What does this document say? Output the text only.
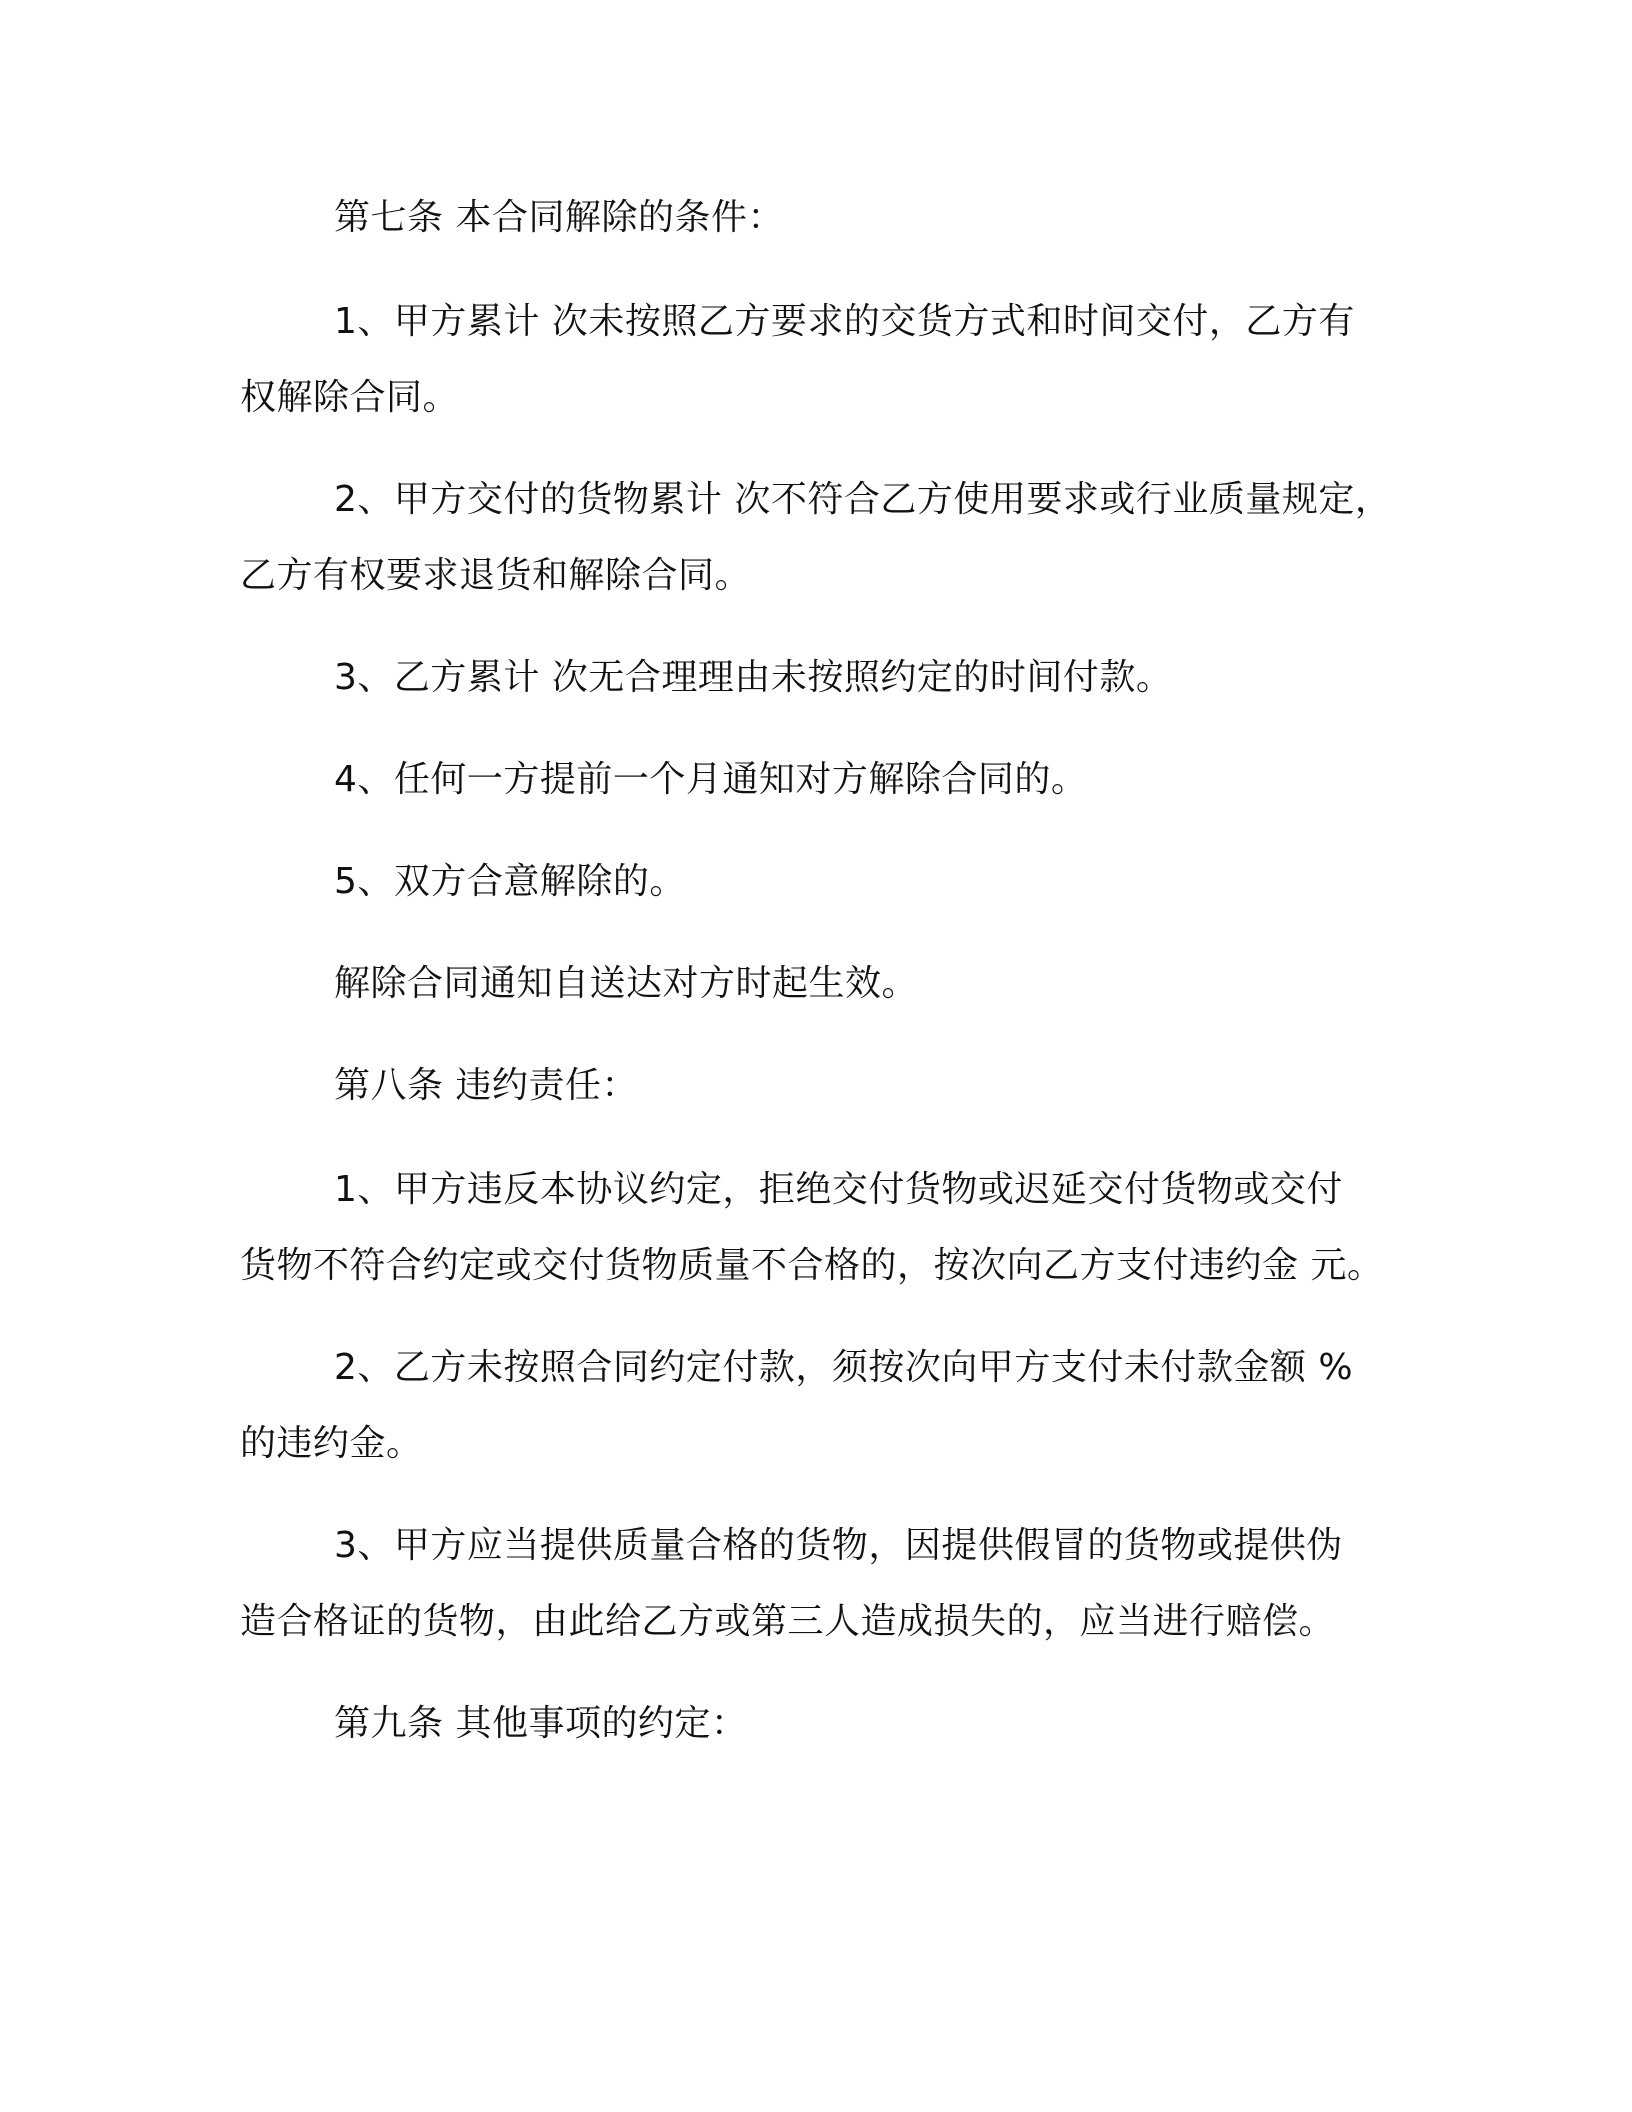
第七条 本合同解除的条件：
1、甲方累计 次未按照乙方要求的交货方式和时间交付，乙方有
权解除合同。
2、甲方交付的货物累计 次不符合乙方使用要求或行业质量规定，
乙方有权要求退货和解除合同。
3、乙方累计 次无合理理由未按照约定的时间付款。
4、任何一方提前一个月通知对方解除合同的。
5、双方合意解除的。
解除合同通知自送达对方时起生效。
第八条 违约责任：
1、甲方违反本协议约定，拒绝交付货物或迟延交付货物或交付
货物不符合约定或交付货物质量不合格的，按次向乙方支付违约金 元。
2、乙方未按照合同约定付款，须按次向甲方支付未付款金额 %
的违约金。
3、甲方应当提供质量合格的货物，因提供假冒的货物或提供伪
造合格证的货物，由此给乙方或第三人造成损失的，应当进行赔偿。
第九条 其他事项的约定：
